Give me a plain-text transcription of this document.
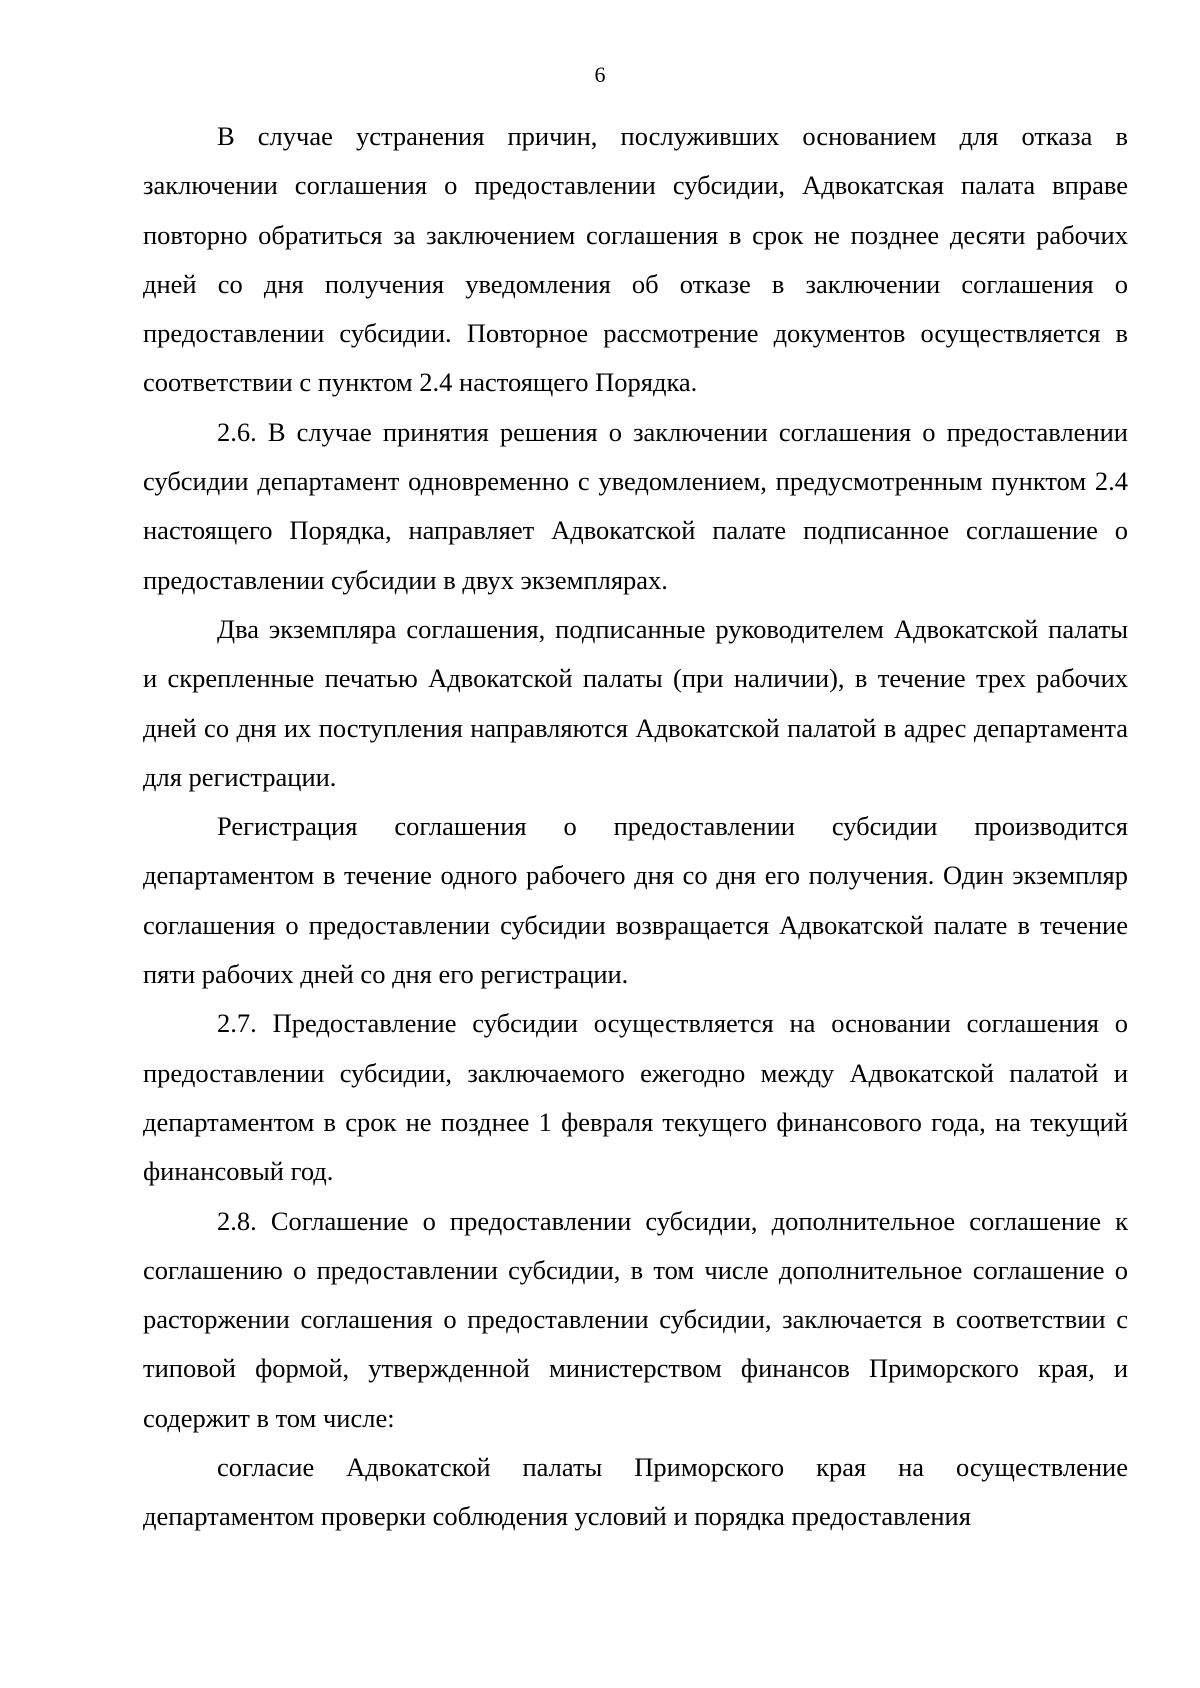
6

В случае устранения причин, послуживших основанием для отказа в заключении соглашения о предоставлении субсидии, Адвокатская палата вправе повторно обратиться за заключением соглашения в срок не позднее десяти рабочих дней со дня получения уведомления об отказе в заключении соглашения о предоставлении субсидии. Повторное рассмотрение документов осуществляется в соответствии с пунктом 2.4 настоящего Порядка.

2.6. В случае принятия решения о заключении соглашения о предоставлении субсидии департамент одновременно с уведомлением, предусмотренным пунктом 2.4 настоящего Порядка, направляет Адвокатской палате подписанное соглашение о предоставлении субсидии в двух экземплярах.

Два экземпляра соглашения, подписанные руководителем Адвокатской палаты и скрепленные печатью Адвокатской палаты (при наличии), в течение трех рабочих дней со дня их поступления направляются Адвокатской палатой в адрес департамента для регистрации.

Регистрация соглашения о предоставлении субсидии производится департаментом в течение одного рабочего дня со дня его получения. Один экземпляр соглашения о предоставлении субсидии возвращается Адвокатской палате в течение пяти рабочих дней со дня его регистрации.

2.7. Предоставление субсидии осуществляется на основании соглашения о предоставлении субсидии, заключаемого ежегодно между Адвокатской палатой и департаментом в срок не позднее 1 февраля текущего финансового года, на текущий финансовый год.

2.8. Соглашение о предоставлении субсидии, дополнительное соглашение к соглашению о предоставлении субсидии, в том числе дополнительное соглашение о расторжении соглашения о предоставлении субсидии, заключается в соответствии с типовой формой, утвержденной министерством финансов Приморского края, и содержит в том числе:

согласие Адвокатской палаты Приморского края на осуществление департаментом проверки соблюдения условий и порядка предоставления
